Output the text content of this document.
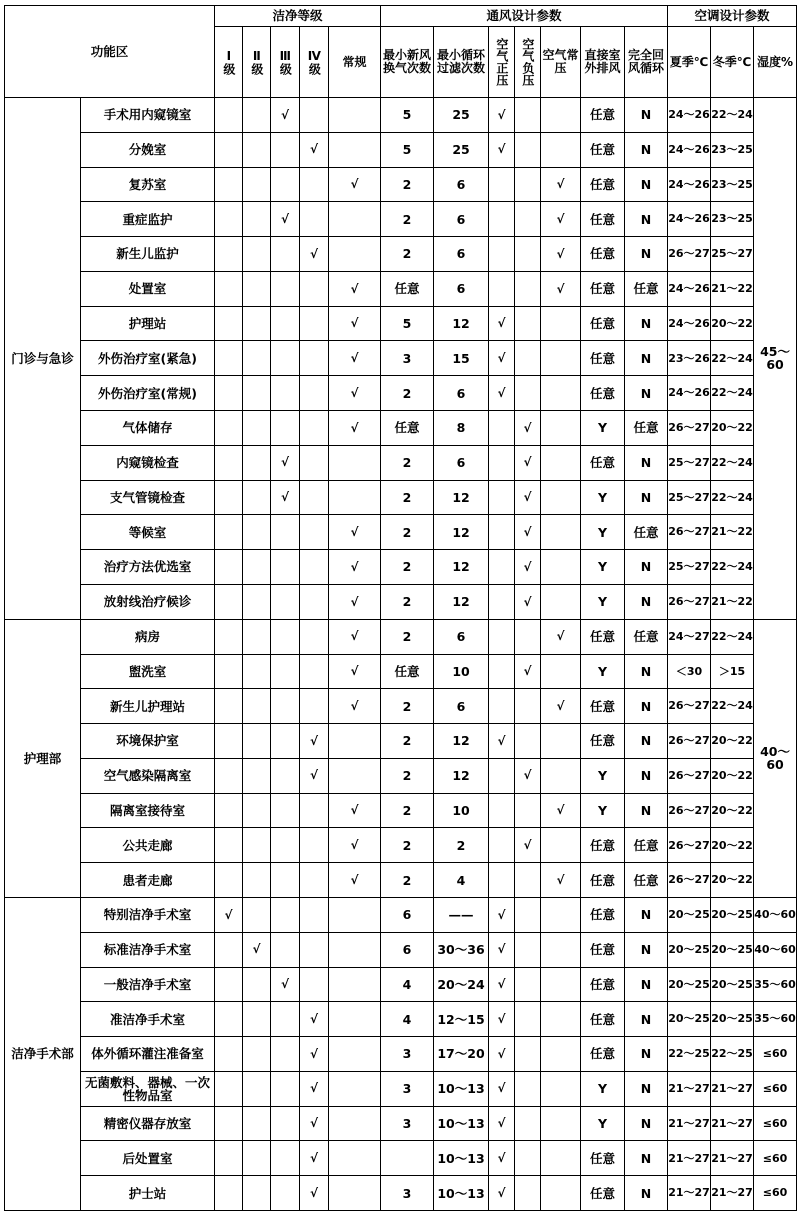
功能区		洁净等级					通风设计参数							空调设计参数		
		Ⅰ级	Ⅱ级	Ⅲ级	Ⅳ级	常规	最小新风换气次数	最小循环过滤次数	空气正压	空气负压	空气常压	直接室外排风	完全回风循环	夏季℃	冬季℃	湿度%
门诊与急诊	手术用内窥镜室			√			5	25	√			任意	N	24～26	22～24	45～60
	分娩室				√		5	25	√			任意	N	24～26	23～25	
	复苏室					√	2	6			√	任意	N	24～26	23～25	
	重症监护			√			2	6			√	任意	N	24～26	23～25	
	新生儿监护				√		2	6			√	任意	N	26～27	25～27	
	处置室					√	任意	6			√	任意	任意	24～26	21～22	
	护理站					√	5	12	√			任意	N	24～26	20～22	
	外伤治疗室(紧急)					√	3	15	√			任意	N	23～26	22～24	
	外伤治疗室(常规)					√	2	6	√			任意	N	24～26	22～24	
	气体储存					√	任意	8		√		Y	任意	26～27	20～22	
	内窥镜检查			√			2	6		√		任意	N	25～27	22～24	
	支气管镜检查			√			2	12		√		Y	N	25～27	22～24	
	等候室					√	2	12		√		Y	任意	26～27	21～22	
	治疗方法优选室					√	2	12		√		Y	N	25～27	22～24	
	放射线治疗候诊					√	2	12		√		Y	N	26～27	21～22	
护理部	病房					√	2	6			√	任意	任意	24～27	22～24	40～60
	盥洗室					√	任意	10		√		Y	N	＜30	＞15	
	新生儿护理站					√	2	6			√	任意	N	26～27	22～24	
	环境保护室				√		2	12	√			任意	N	26～27	20～22	
	空气感染隔离室				√		2	12		√		Y	N	26～27	20～22	
	隔离室接待室					√	2	10			√	Y	N	26～27	20～22	
	公共走廊					√	2	2		√		任意	任意	26～27	20～22	
	患者走廊					√	2	4			√	任意	任意	26～27	20～22	
洁净手术部	特别洁净手术室	√					6	——	√			任意	N	20～25	20～25	40～60
	标准洁净手术室		√				6	30～36	√			任意	N	20～25	20～25	40～60
	一般洁净手术室			√			4	20～24	√			任意	N	20～25	20～25	35～60
	准洁净手术室				√		4	12～15	√			任意	N	20～25	20～25	35～60
	体外循环灌注准备室				√		3	17～20	√			任意	N	22～25	22～25	≤60
	无菌敷料、器械、一次性物品室				√		3	10～13	√			Y	N	21～27	21～27	≤60
	精密仪器存放室				√		3	10～13	√			Y	N	21～27	21～27	≤60
	后处置室				√			10～13	√			任意	N	21～27	21～27	≤60
	护士站				√		3	10～13	√			任意	N	21～27	21～27	≤60
